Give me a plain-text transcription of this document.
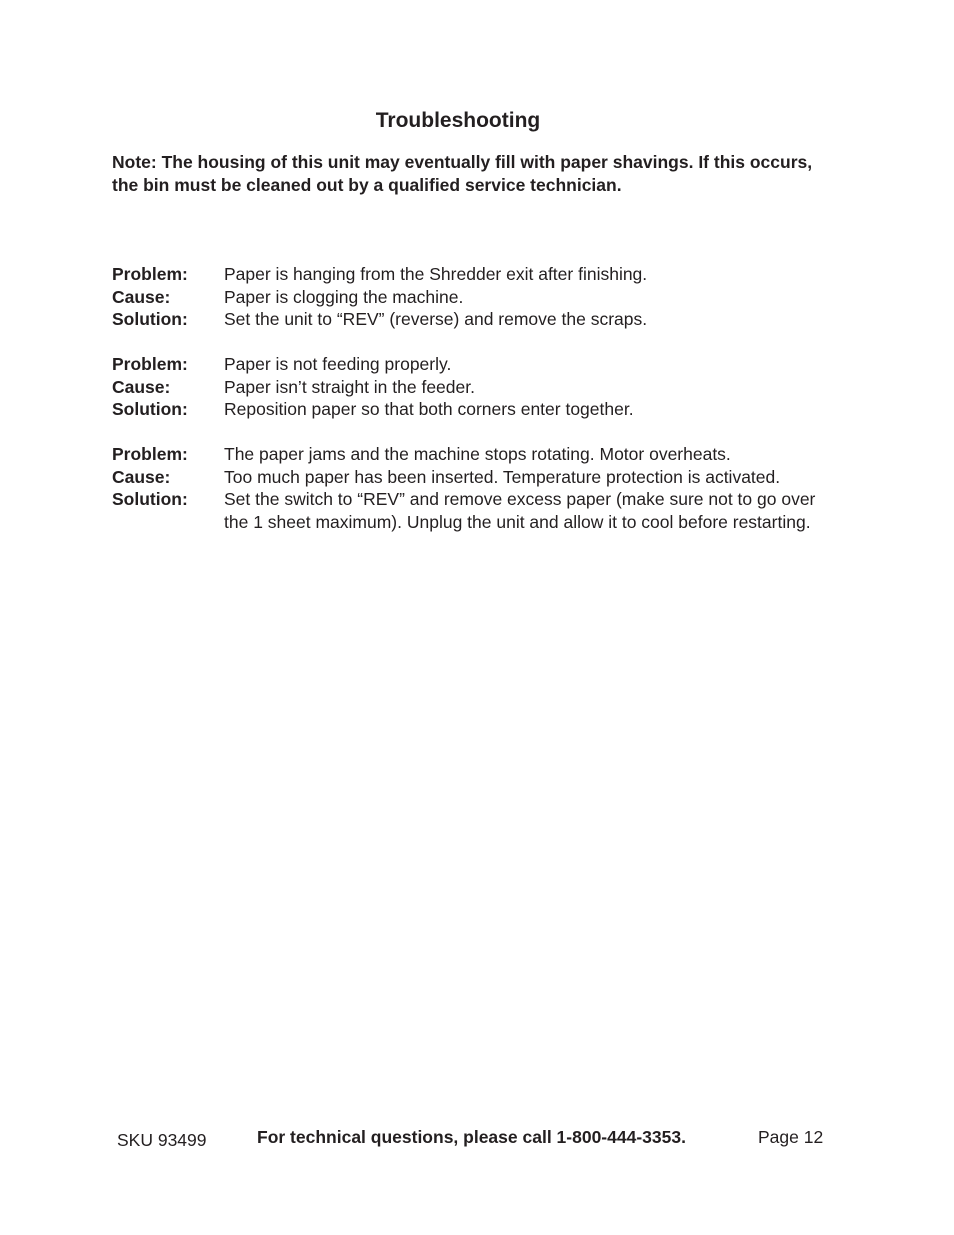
Troubleshooting

Note: The housing of this unit may eventually fill with paper shavings. If this occurs, the bin must be cleaned out by a qualified service technician.

Problem:	Paper is hanging from the Shredder exit after finishing.
Cause:	Paper is clogging the machine.
Solution:	Set the unit to “REV” (reverse) and remove the scraps.
Problem:	Paper is not feeding properly.
Cause:	Paper isn’t straight in the feeder.
Solution:	Reposition paper so that both corners enter together.
Problem:	The paper jams and the machine stops rotating. Motor overheats.
Cause:	Too much paper has been inserted. Temperature protection is activated.
Solution:	Set the switch to “REV” and remove excess paper (make sure not to go over the 1 sheet maximum). Unplug the unit and allow it to cool before restarting.
SKU 93499	For technical questions, please call 1-800-444-3353.	Page 12
